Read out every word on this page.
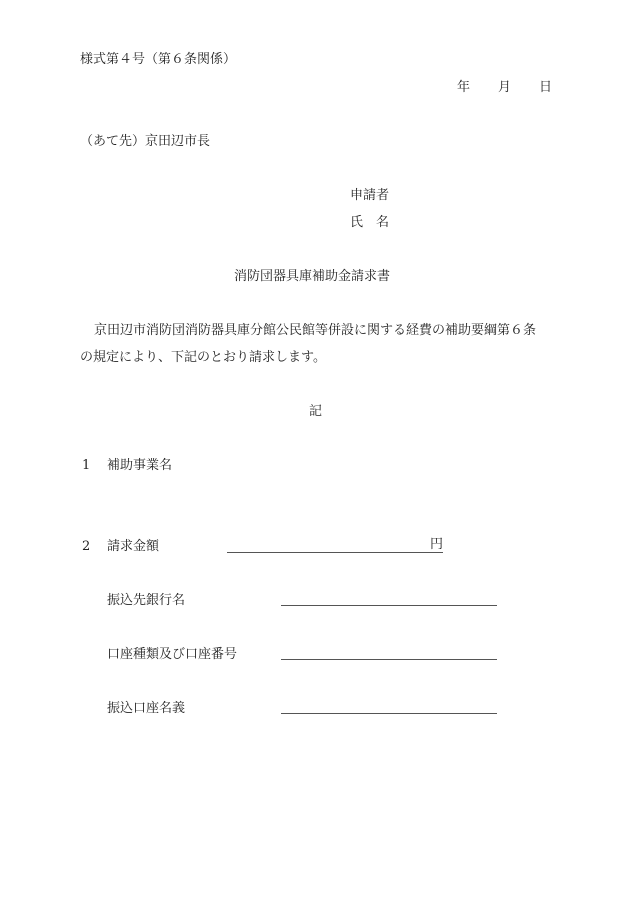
様式第４号（第６条関係）
年 月 日
（あて先）京田辺市長
申請者
氏　名
消防団器具庫補助金請求書
京田辺市消防団消防器具庫分館公民館等併設に関する経費の補助要綱第６条
の規定により、下記のとおり請求します。
記
1 補助事業名
2 請求金額	円
振込先銀行名
口座種類及び口座番号
振込口座名義
